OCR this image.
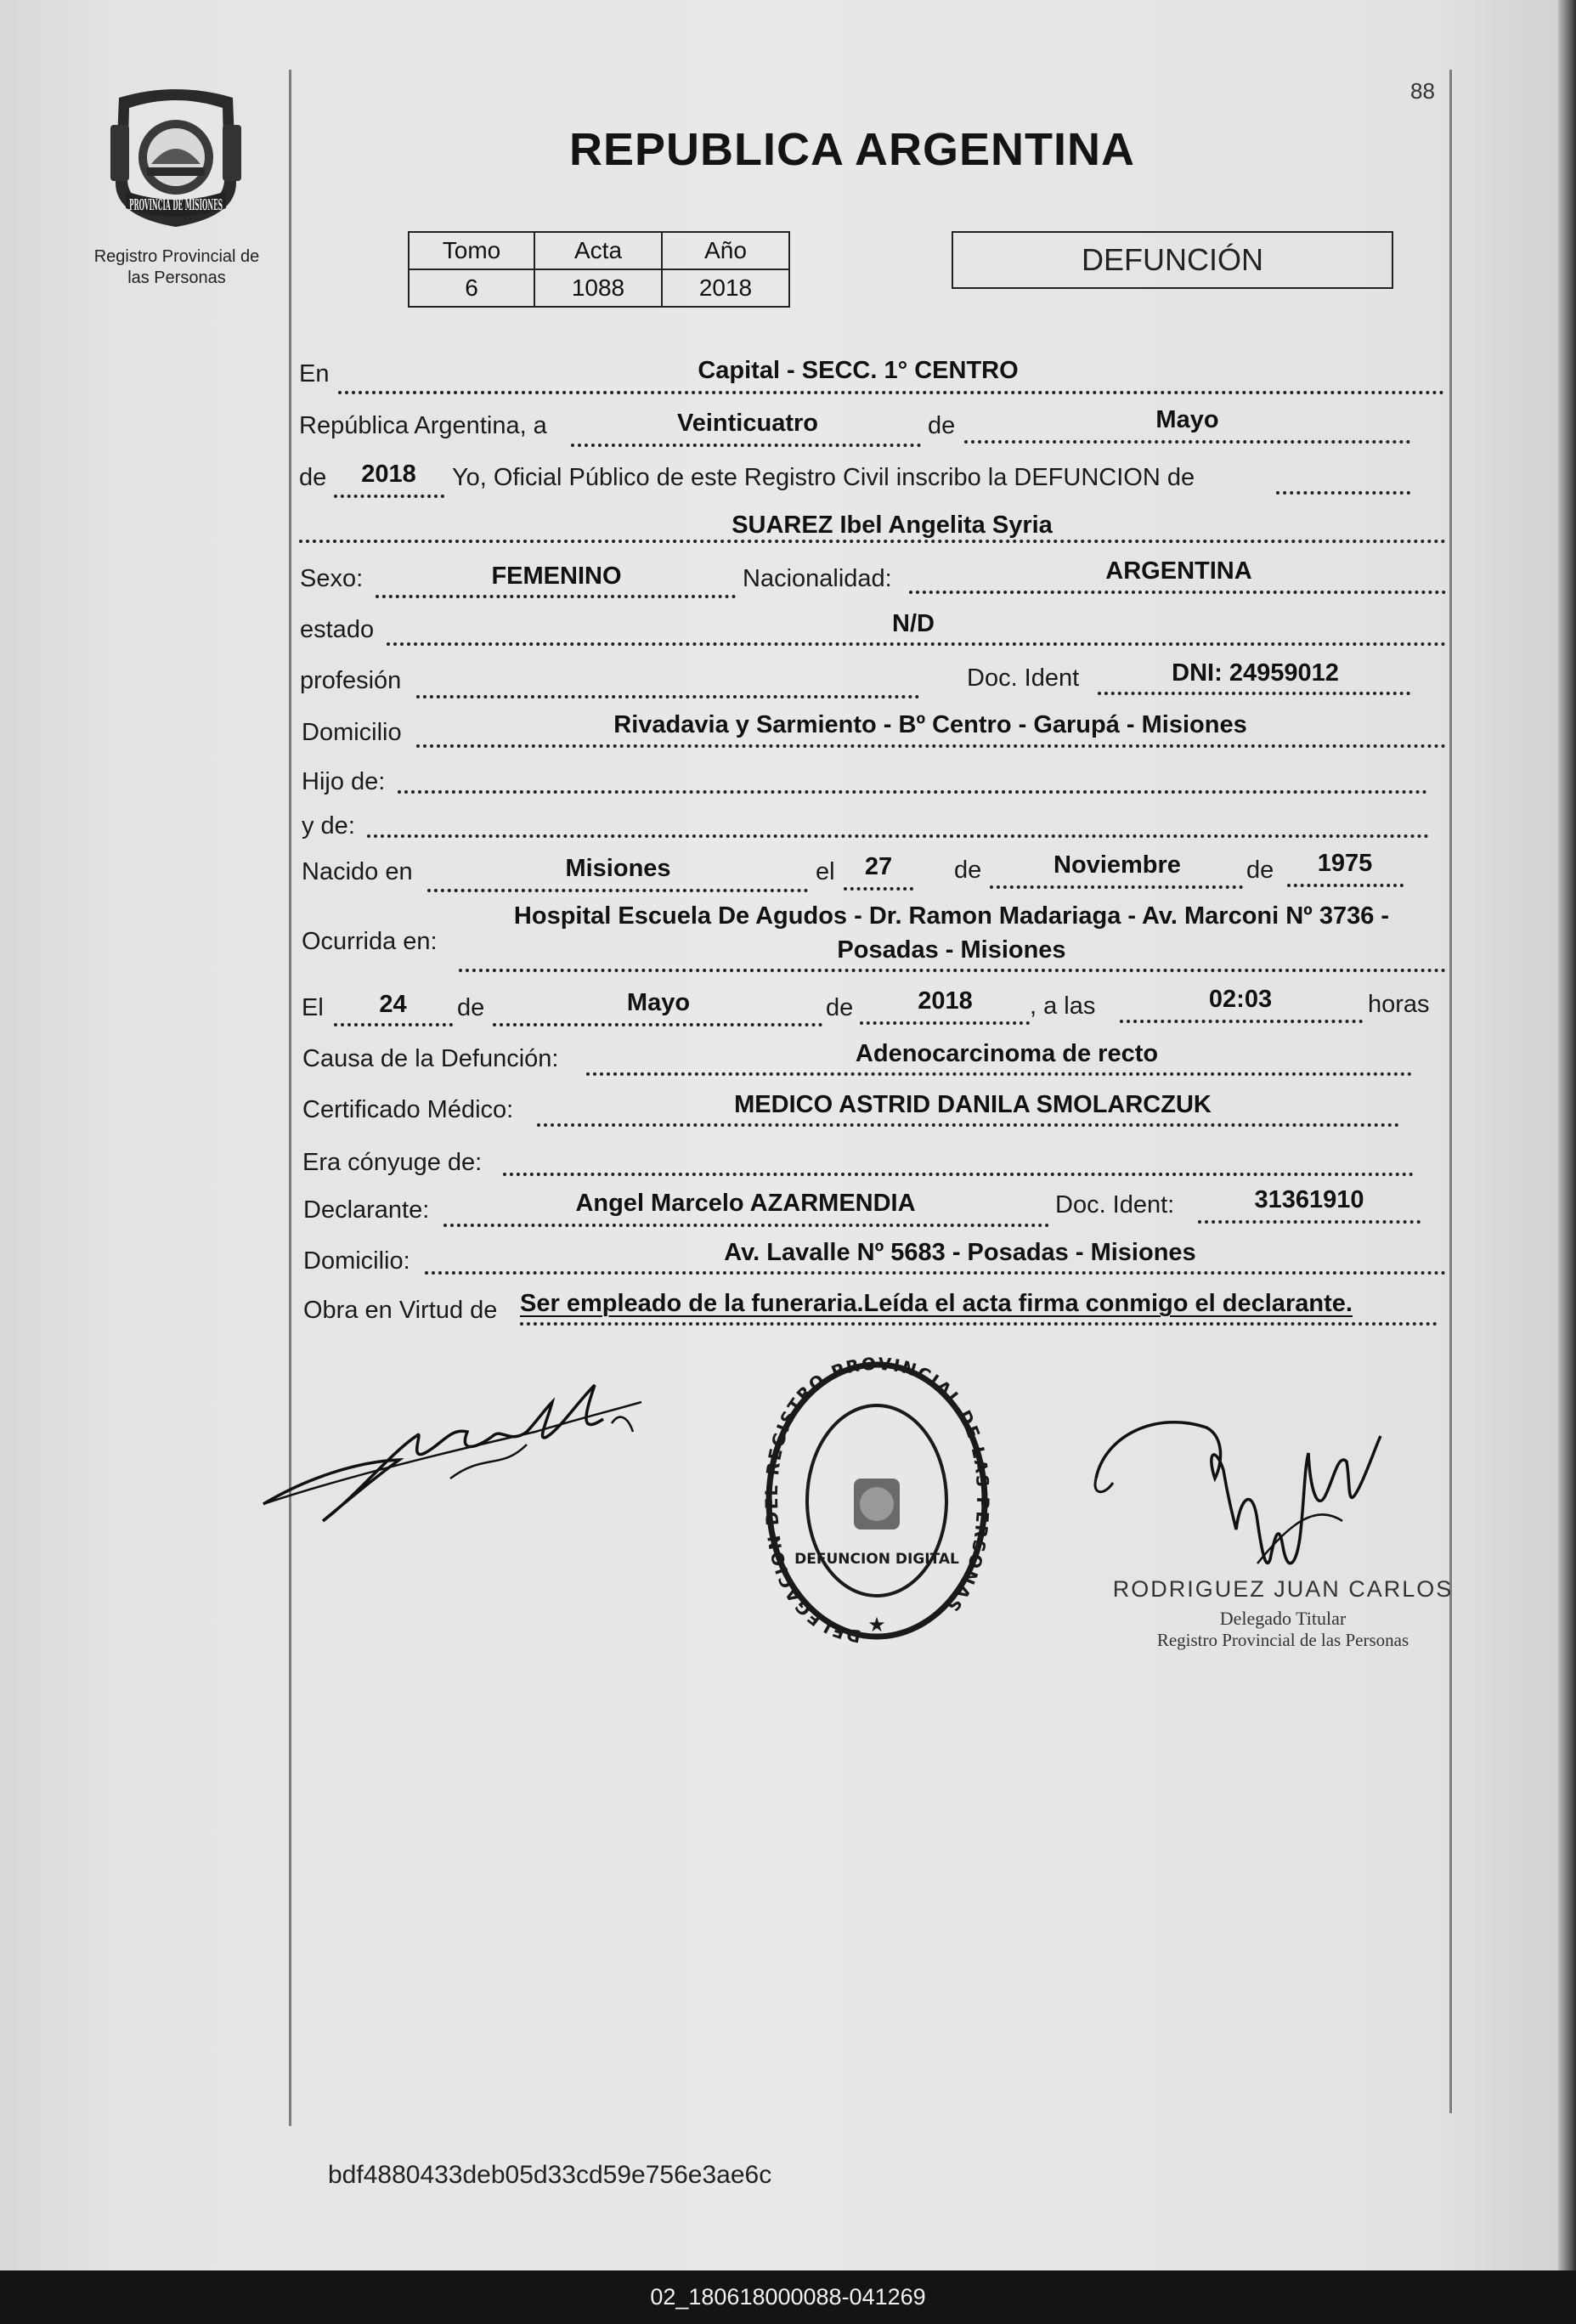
PROVINCIA DE MISIONES
Registro Provincial de
las Personas
88
REPUBLICA ARGENTINA
Tomo	Acta	Año
6	1088	2018
DEFUNCIÓN
En	Capital - SECC. 1° CENTRO
República Argentina, a	Veinticuatro	de	Mayo
de	2018	Yo, Oficial Público de este Registro Civil inscribo la DEFUNCION de
SUAREZ Ibel Angelita Syria
Sexo:	FEMENINO	Nacionalidad:	ARGENTINA
estado	N/D
profesión	Doc. Ident	DNI: 24959012
Domicilio	Rivadavia y Sarmiento - Bº Centro - Garupá - Misiones
Hijo de:
y de:
Nacido en	Misiones	el	27	de	Noviembre	de	1975
Ocurrida en:
Hospital Escuela De Agudos - Dr. Ramon Madariaga - Av. Marconi Nº 3736 -
Posadas - Misiones
El	24	de	Mayo	de	2018	, a las	02:03	horas
Causa de la Defunción:	Adenocarcinoma de recto
Certificado Médico:	MEDICO ASTRID DANILA SMOLARCZUK
Era cónyuge de:
Declarante:	Angel Marcelo AZARMENDIA	Doc. Ident:	31361910
Domicilio:	Av. Lavalle Nº 5683 - Posadas - Misiones
Obra en Virtud de Ser empleado de la funeraria.Leída el acta firma conmigo el declarante.
DELEGACION DEL REGISTRO PROVINCIAL DE LAS PERSONAS
DEFUNCION DIGITAL
★
RODRIGUEZ JUAN CARLOS
Delegado Titular
Registro Provincial de las Personas
bdf4880433deb05d33cd59e756e3ae6c
02_180618000088-041269
